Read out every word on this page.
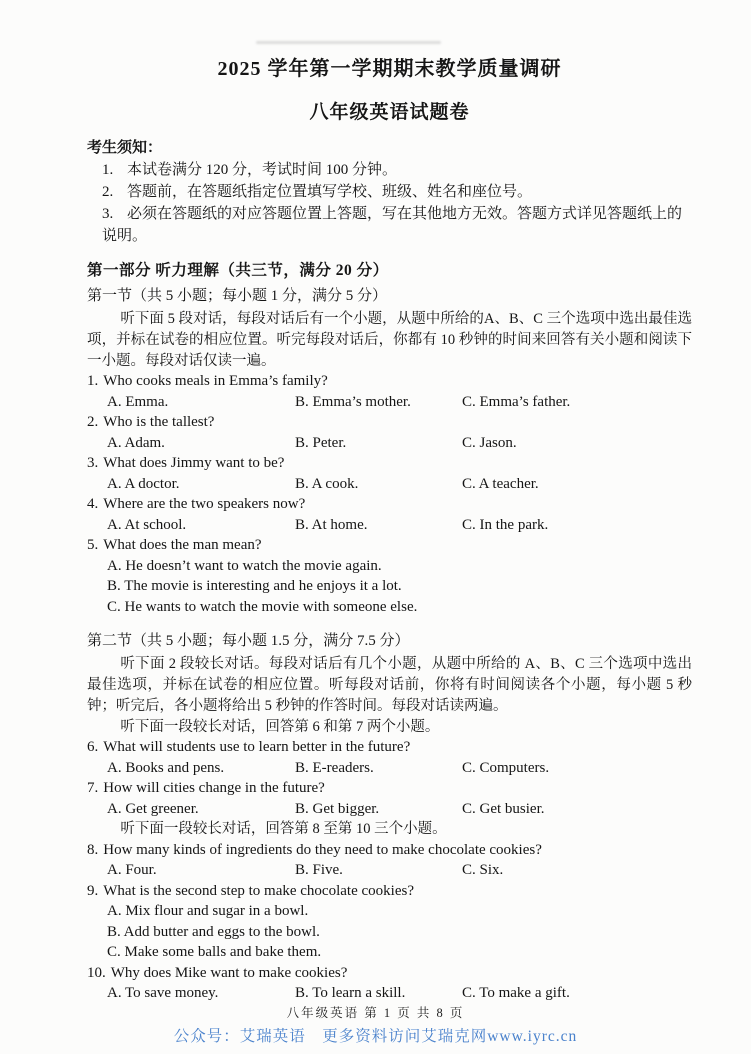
2025 学年第一学期期末教学质量调研
八年级英语试题卷
考生须知：
1. 本试卷满分 120 分，考试时间 100 分钟。
2. 答题前，在答题纸指定位置填写学校、班级、姓名和座位号。
3. 必须在答题纸的对应答题位置上答题，写在其他地方无效。答题方式详见答题纸上的说明。
第一部分 听力理解（共三节，满分 20 分）
第一节（共 5 小题；每小题 1 分，满分 5 分）
听下面 5 段对话，每段对话后有一个小题，从题中所给的A、B、C 三个选项中选出最佳选项，并标在试卷的相应位置。听完每段对话后，你都有 10 秒钟的时间来回答有关小题和阅读下一小题。每段对话仅读一遍。
1. Who cooks meals in Emma’s family?
A. Emma.	B. Emma’s mother.	C. Emma’s father.
2. Who is the tallest?
A. Adam.	B. Peter.	C. Jason.
3. What does Jimmy want to be?
A. A doctor.	B. A cook.	C. A teacher.
4. Where are the two speakers now?
A. At school.	B. At home.	C. In the park.
5. What does the man mean?
A. He doesn’t want to watch the movie again.
B. The movie is interesting and he enjoys it a lot.
C. He wants to watch the movie with someone else.
第二节（共 5 小题；每小题 1.5 分，满分 7.5 分）
听下面 2 段较长对话。每段对话后有几个小题，从题中所给的 A、B、C 三个选项中选出最佳选项，并标在试卷的相应位置。听每段对话前，你将有时间阅读各个小题，每小题 5 秒钟；听完后，各小题将给出 5 秒钟的作答时间。每段对话读两遍。
听下面一段较长对话，回答第 6 和第 7 两个小题。
6. What will students use to learn better in the future?
A. Books and pens.	B. E-readers.	C. Computers.
7. How will cities change in the future?
A. Get greener.	B. Get bigger.	C. Get busier.
听下面一段较长对话，回答第 8 至第 10 三个小题。
8. How many kinds of ingredients do they need to make chocolate cookies?
A. Four.	B. Five.	C. Six.
9. What is the second step to make chocolate cookies?
A. Mix flour and sugar in a bowl.
B. Add butter and eggs to the bowl.
C. Make some balls and bake them.
10. Why does Mike want to make cookies?
A. To save money.	B. To learn a skill.	C. To make a gift.
八年级英语 第 1 页 共 8 页
公众号：艾瑞英语　更多资料访问艾瑞克网www.iyrc.cn
